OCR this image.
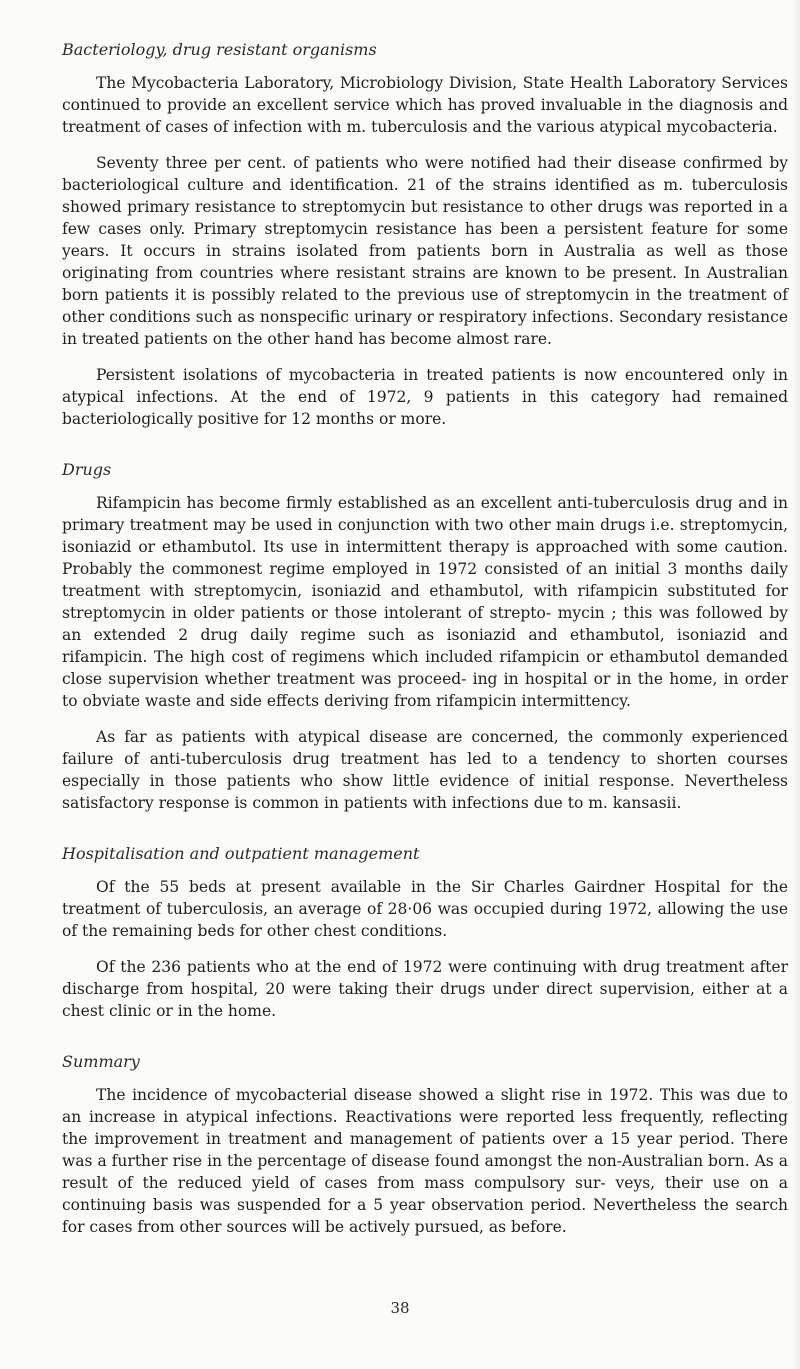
Bacteriology, drug resistant organisms

The Mycobacteria Laboratory, Microbiology Division, State Health Laboratory Services continued to provide an excellent service which has proved invaluable in the diagnosis and treatment of cases of infection with m. tuberculosis and the various atypical mycobacteria.

Seventy three per cent. of patients who were notified had their disease confirmed by bacteriological culture and identification. 21 of the strains identified as m. tuberculosis showed primary resistance to streptomycin but resistance to other drugs was reported in a few cases only. Primary streptomycin resistance has been a persistent feature for some years. It occurs in strains isolated from patients born in Australia as well as those originating from countries where resistant strains are known to be present. In Australian born patients it is possibly related to the previous use of streptomycin in the treatment of other conditions such as nonspecific urinary or respiratory infections. Secondary resistance in treated patients on the other hand has become almost rare.

Persistent isolations of mycobacteria in treated patients is now encountered only in atypical infections. At the end of 1972, 9 patients in this category had remained bacteriologically positive for 12 months or more.

Drugs

Rifampicin has become firmly established as an excellent anti-tuberculosis drug and in primary treatment may be used in conjunction with two other main drugs i.e. streptomycin, isoniazid or ethambutol. Its use in intermittent therapy is approached with some caution. Probably the commonest regime employed in 1972 consisted of an initial 3 months daily treatment with streptomycin, isoniazid and ethambutol, with rifampicin substituted for streptomycin in older patients or those intolerant of strepto- mycin ; this was followed by an extended 2 drug daily regime such as isoniazid and ethambutol, isoniazid and rifampicin. The high cost of regimens which included rifampicin or ethambutol demanded close supervision whether treatment was proceed- ing in hospital or in the home, in order to obviate waste and side effects deriving from rifampicin intermittency.

As far as patients with atypical disease are concerned, the commonly experienced failure of anti-tuberculosis drug treatment has led to a tendency to shorten courses especially in those patients who show little evidence of initial response. Nevertheless satisfactory response is common in patients with infections due to m. kansasii.

Hospitalisation and outpatient management

Of the 55 beds at present available in the Sir Charles Gairdner Hospital for the treatment of tuberculosis, an average of 28·06 was occupied during 1972, allowing the use of the remaining beds for other chest conditions.

Of the 236 patients who at the end of 1972 were continuing with drug treatment after discharge from hospital, 20 were taking their drugs under direct supervision, either at a chest clinic or in the home.

Summary

The incidence of mycobacterial disease showed a slight rise in 1972. This was due to an increase in atypical infections. Reactivations were reported less frequently, reflecting the improvement in treatment and management of patients over a 15 year period. There was a further rise in the percentage of disease found amongst the non-Australian born. As a result of the reduced yield of cases from mass compulsory sur- veys, their use on a continuing basis was suspended for a 5 year observation period. Nevertheless the search for cases from other sources will be actively pursued, as before.

38
